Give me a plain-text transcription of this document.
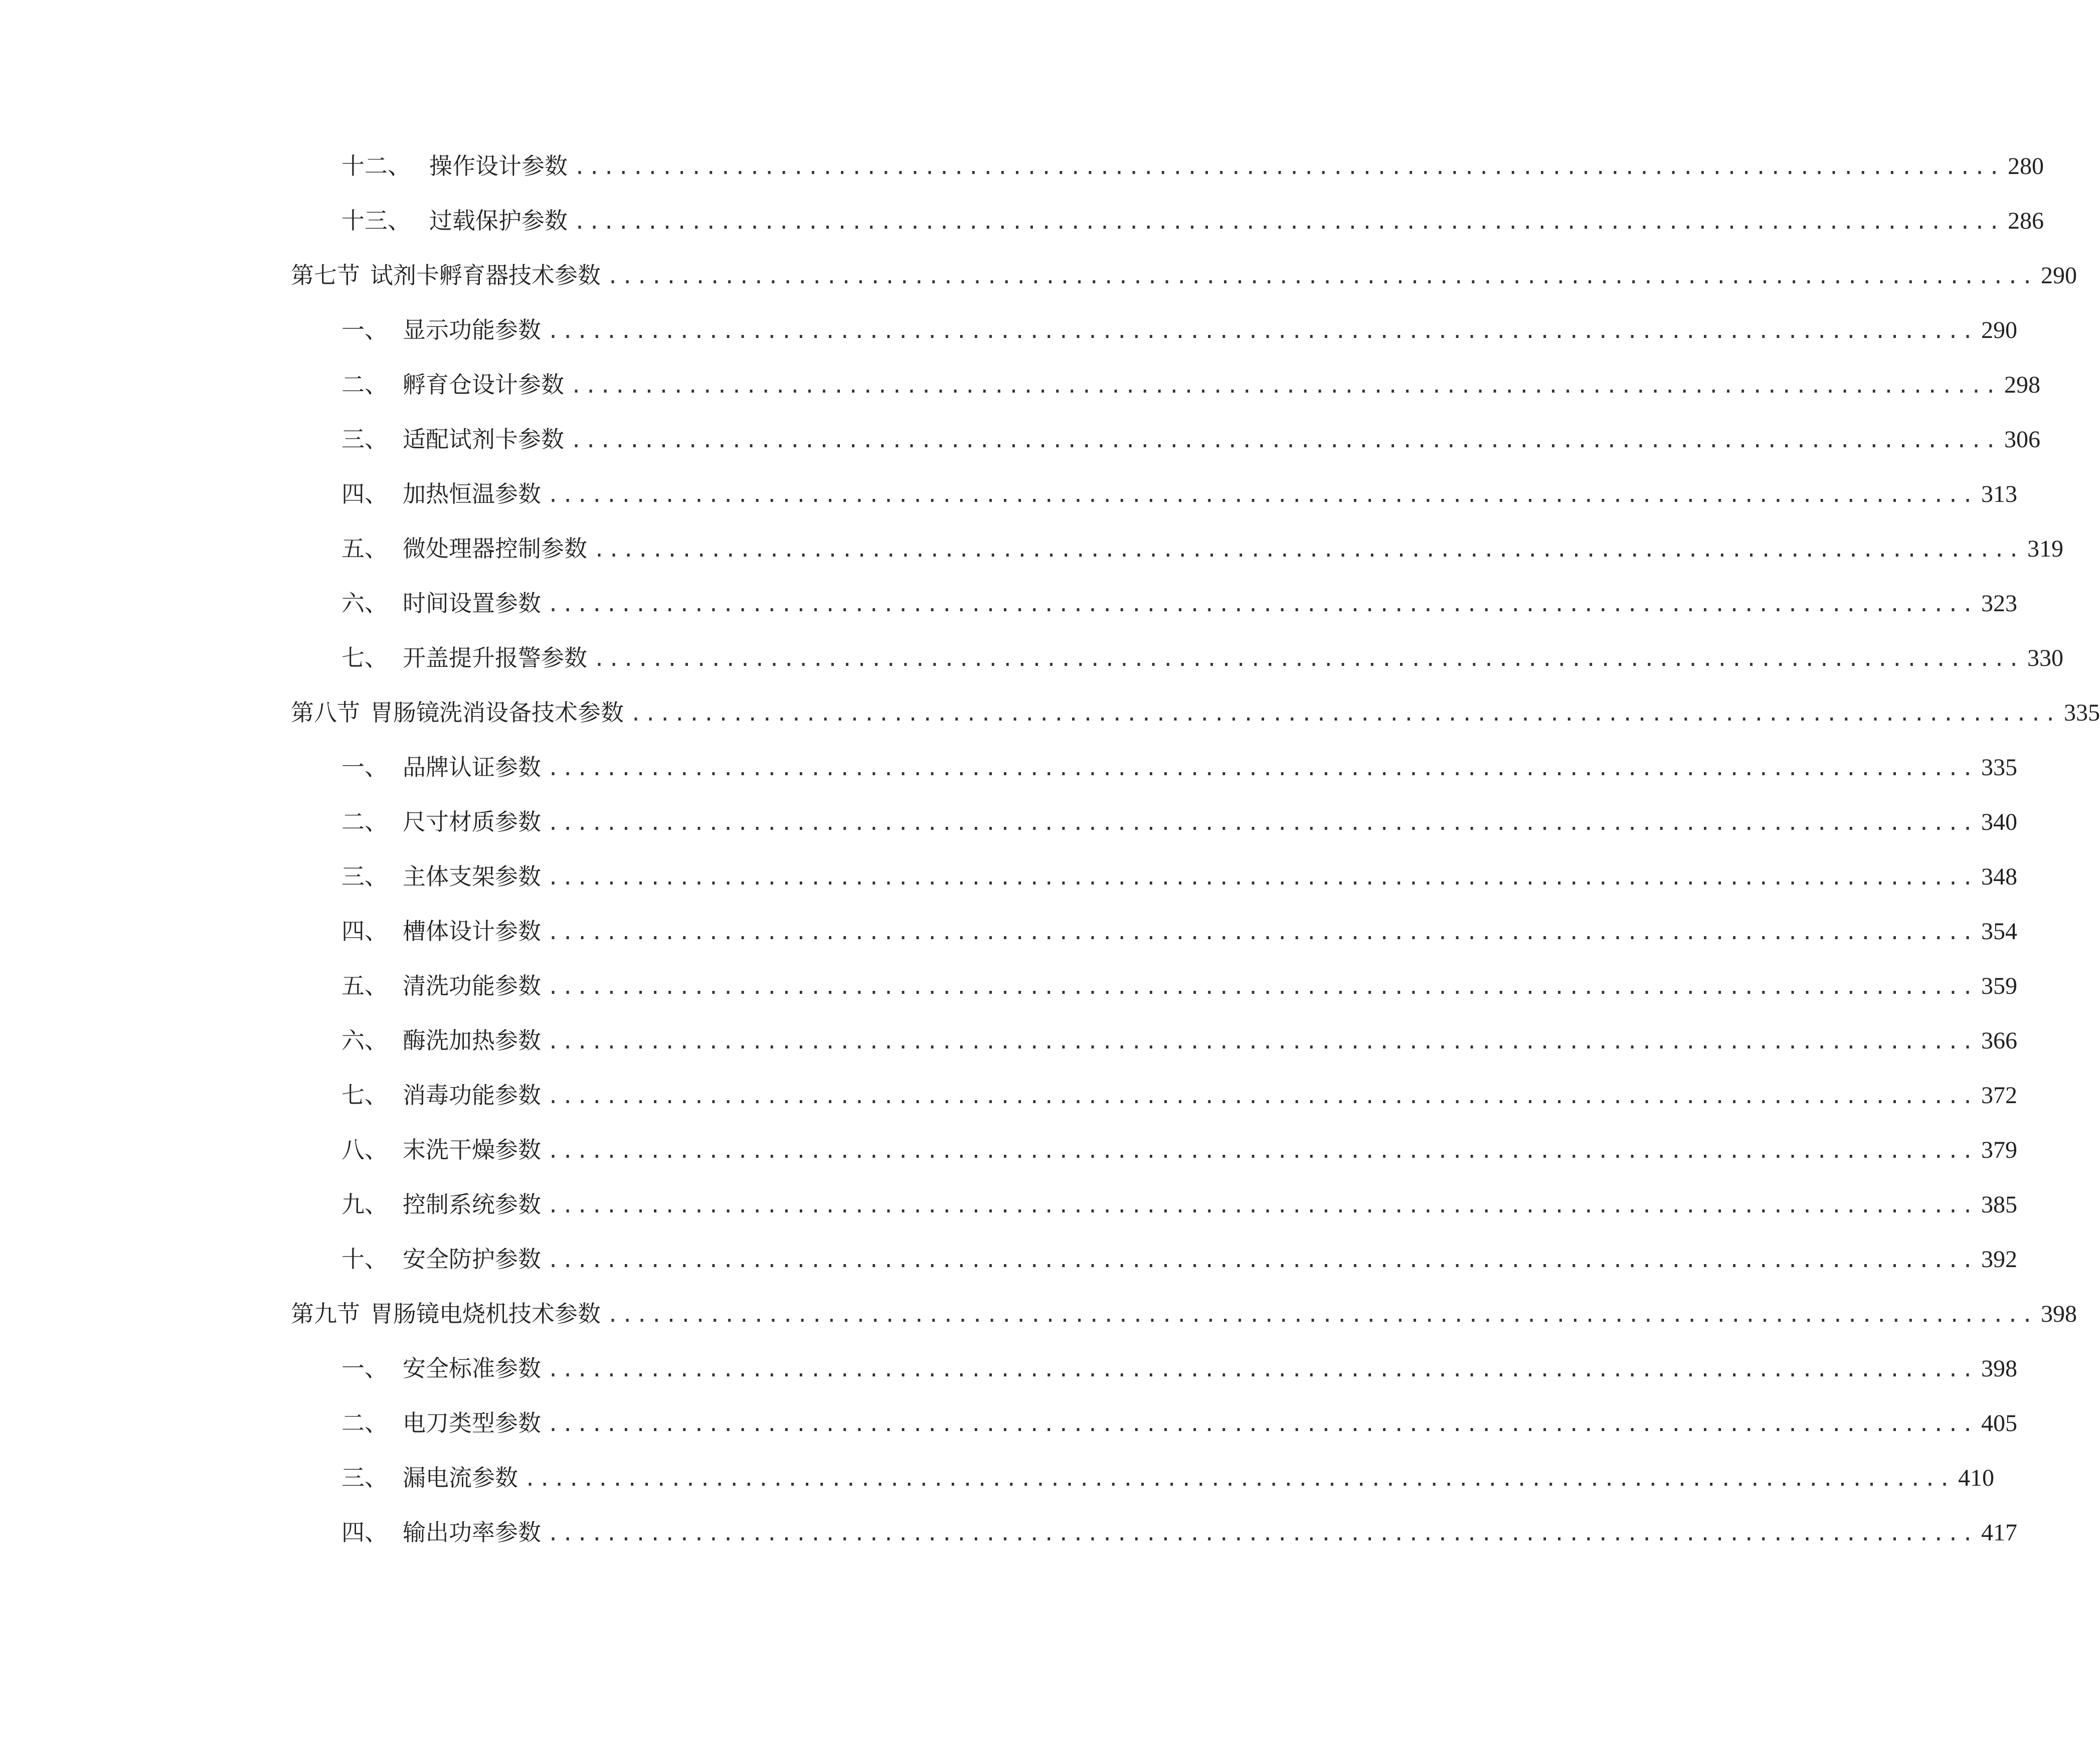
十二、 操作设计参数 .................................................................................................. 280
十三、 过载保护参数 .................................................................................................. 286
第七节 试剂卡孵育器技术参数 .................................................................................................. 290
一、 显示功能参数 .................................................................................................. 290
二、 孵育仓设计参数 .................................................................................................. 298
三、 适配试剂卡参数 .................................................................................................. 306
四、 加热恒温参数 .................................................................................................. 313
五、 微处理器控制参数 .................................................................................................. 319
六、 时间设置参数 .................................................................................................. 323
七、 开盖提升报警参数 .................................................................................................. 330
第八节 胃肠镜洗消设备技术参数 .................................................................................................. 335
一、 品牌认证参数 .................................................................................................. 335
二、 尺寸材质参数 .................................................................................................. 340
三、 主体支架参数 .................................................................................................. 348
四、 槽体设计参数 .................................................................................................. 354
五、 清洗功能参数 .................................................................................................. 359
六、 酶洗加热参数 .................................................................................................. 366
七、 消毒功能参数 .................................................................................................. 372
八、 末洗干燥参数 .................................................................................................. 379
九、 控制系统参数 .................................................................................................. 385
十、 安全防护参数 .................................................................................................. 392
第九节 胃肠镜电烧机技术参数 .................................................................................................. 398
一、 安全标准参数 .................................................................................................. 398
二、 电刀类型参数 .................................................................................................. 405
三、 漏电流参数 .................................................................................................. 410
四、 输出功率参数 .................................................................................................. 417
